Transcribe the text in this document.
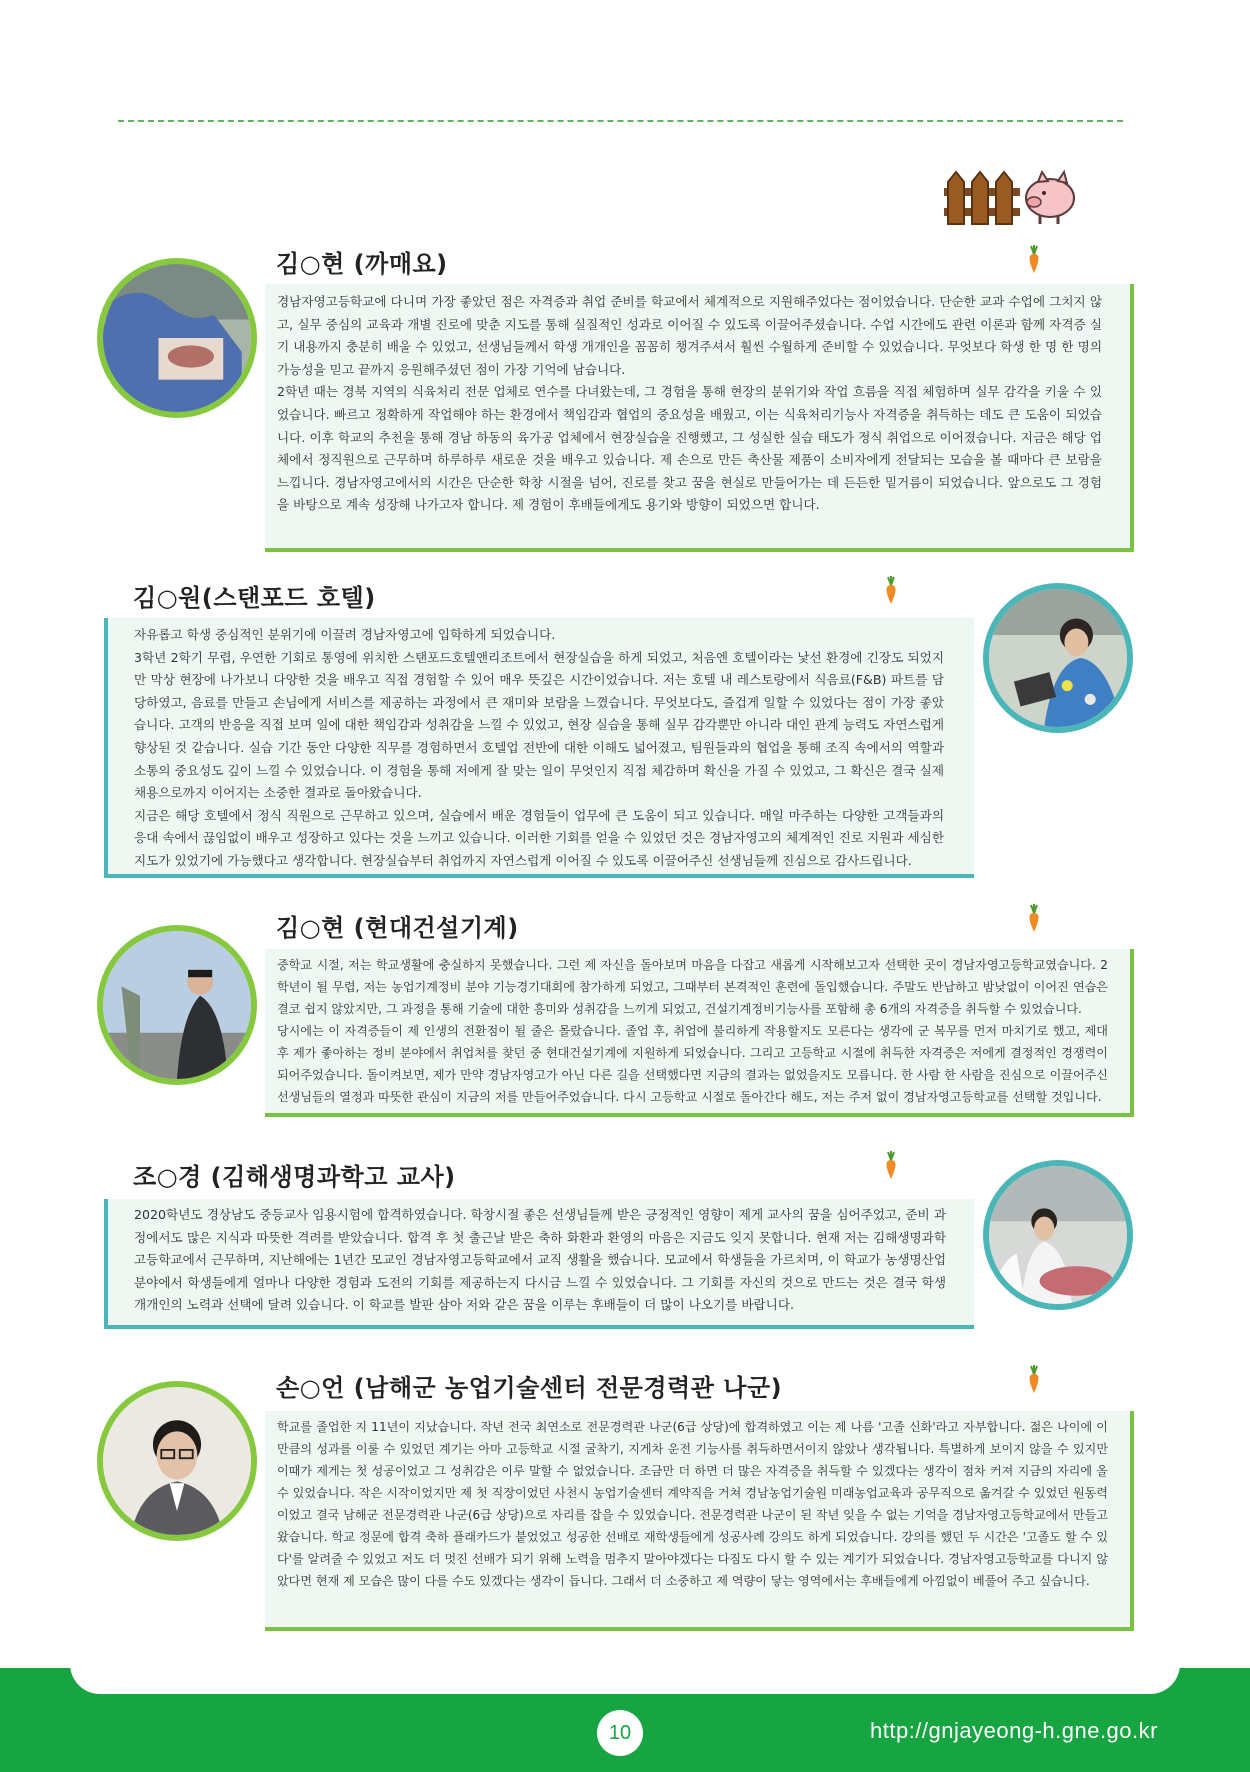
김○현 (까매요)

경남자영고등학교에 다니며 가장 좋았던 점은 자격증과 취업 준비를 학교에서 체계적으로 지원해주었다는 점이었습니다. 단순한 교과 수업에 그치지 않고, 실무 중심의 교육과 개별 진로에 맞춘 지도를 통해 실질적인 성과로 이어질 수 있도록 이끌어주셨습니다. 수업 시간에도 관련 이론과 함께 자격증 실기 내용까지 충분히 배울 수 있었고, 선생님들께서 학생 개개인을 꼼꼼히 챙겨주셔서 훨씬 수월하게 준비할 수 있었습니다. 무엇보다 학생 한 명 한 명의 가능성을 믿고 끝까지 응원해주셨던 점이 가장 기억에 남습니다.

2학년 때는 경북 지역의 식육처리 전문 업체로 연수를 다녀왔는데, 그 경험을 통해 현장의 분위기와 작업 흐름을 직접 체험하며 실무 감각을 키울 수 있었습니다. 빠르고 정확하게 작업해야 하는 환경에서 책임감과 협업의 중요성을 배웠고, 이는 식육처리기능사 자격증을 취득하는 데도 큰 도움이 되었습니다. 이후 학교의 추천을 통해 경남 하동의 육가공 업체에서 현장실습을 진행했고, 그 성실한 실습 태도가 정식 취업으로 이어졌습니다. 지금은 해당 업체에서 정직원으로 근무하며 하루하루 새로운 것을 배우고 있습니다. 제 손으로 만든 축산물 제품이 소비자에게 전달되는 모습을 볼 때마다 큰 보람을 느낍니다. 경남자영고에서의 시간은 단순한 학창 시절을 넘어, 진로를 찾고 꿈을 현실로 만들어가는 데 든든한 밑거름이 되었습니다. 앞으로도 그 경험을 바탕으로 계속 성장해 나가고자 합니다. 제 경험이 후배들에게도 용기와 방향이 되었으면 합니다.

김○원(스탠포드 호텔)

자유롭고 학생 중심적인 분위기에 이끌려 경남자영고에 입학하게 되었습니다.

3학년 2학기 무렵, 우연한 기회로 통영에 위치한 스탠포드호텔앤리조트에서 현장실습을 하게 되었고, 처음엔 호텔이라는 낯선 환경에 긴장도 되었지만 막상 현장에 나가보니 다양한 것을 배우고 직접 경험할 수 있어 매우 뜻깊은 시간이었습니다. 저는 호텔 내 레스토랑에서 식음료(F&B) 파트를 담당하였고, 음료를 만들고 손님에게 서비스를 제공하는 과정에서 큰 재미와 보람을 느꼈습니다. 무엇보다도, 즐겁게 일할 수 있었다는 점이 가장 좋았습니다. 고객의 반응을 직접 보며 일에 대한 책임감과 성취감을 느낄 수 있었고, 현장 실습을 통해 실무 감각뿐만 아니라 대인 관계 능력도 자연스럽게 향상된 것 같습니다. 실습 기간 동안 다양한 직무를 경험하면서 호텔업 전반에 대한 이해도 넓어졌고, 팀원들과의 협업을 통해 조직 속에서의 역할과 소통의 중요성도 깊이 느낄 수 있었습니다. 이 경험을 통해 저에게 잘 맞는 일이 무엇인지 직접 체감하며 확신을 가질 수 있었고, 그 확신은 결국 실제 채용으로까지 이어지는 소중한 결과로 돌아왔습니다.

지금은 해당 호텔에서 정식 직원으로 근무하고 있으며, 실습에서 배운 경험들이 업무에 큰 도움이 되고 있습니다. 매일 마주하는 다양한 고객들과의 응대 속에서 끊임없이 배우고 성장하고 있다는 것을 느끼고 있습니다. 이러한 기회를 얻을 수 있었던 것은 경남자영고의 체계적인 진로 지원과 세심한 지도가 있었기에 가능했다고 생각합니다. 현장실습부터 취업까지 자연스럽게 이어질 수 있도록 이끌어주신 선생님들께 진심으로 감사드립니다.

김○현 (현대건설기계)

중학교 시절, 저는 학교생활에 충실하지 못했습니다. 그런 제 자신을 돌아보며 마음을 다잡고 새롭게 시작해보고자 선택한 곳이 경남자영고등학교였습니다. 2학년이 될 무렵, 저는 농업기계정비 분야 기능경기대회에 참가하게 되었고, 그때부터 본격적인 훈련에 돌입했습니다. 주말도 반납하고 밤낮없이 이어진 연습은 결코 쉽지 않았지만, 그 과정을 통해 기술에 대한 흥미와 성취감을 느끼게 되었고, 건설기계정비기능사를 포함해 총 6개의 자격증을 취득할 수 있었습니다.

당시에는 이 자격증들이 제 인생의 전환점이 될 줄은 몰랐습니다. 졸업 후, 취업에 불리하게 작용할지도 모른다는 생각에 군 복무를 먼저 마치기로 했고, 제대 후 제가 좋아하는 정비 분야에서 취업처를 찾던 중 현대건설기계에 지원하게 되었습니다. 그리고 고등학교 시절에 취득한 자격증은 저에게 결정적인 경쟁력이 되어주었습니다. 돌이켜보면, 제가 만약 경남자영고가 아닌 다른 길을 선택했다면 지금의 결과는 없었을지도 모릅니다. 한 사람 한 사람을 진심으로 이끌어주신 선생님들의 열정과 따뜻한 관심이 지금의 저를 만들어주었습니다. 다시 고등학교 시절로 돌아간다 해도, 저는 주저 없이 경남자영고등학교를 선택할 것입니다.

조○경 (김해생명과학고 교사)

2020학년도 경상남도 중등교사 임용시험에 합격하였습니다. 학창시절 좋은 선생님들께 받은 긍정적인 영향이 제게 교사의 꿈을 심어주었고, 준비 과정에서도 많은 지식과 따뜻한 격려를 받았습니다. 합격 후 첫 출근날 받은 축하 화환과 환영의 마음은 지금도 잊지 못합니다. 현재 저는 김해생명과학고등학교에서 근무하며, 지난해에는 1년간 모교인 경남자영고등학교에서 교직 생활을 했습니다. 모교에서 학생들을 가르치며, 이 학교가 농생명산업 분야에서 학생들에게 얼마나 다양한 경험과 도전의 기회를 제공하는지 다시금 느낄 수 있었습니다. 그 기회를 자신의 것으로 만드는 것은 결국 학생 개개인의 노력과 선택에 달려 있습니다. 이 학교를 발판 삼아 저와 같은 꿈을 이루는 후배들이 더 많이 나오기를 바랍니다.

손○언 (남해군 농업기술센터 전문경력관 나군)

학교를 졸업한 지 11년이 지났습니다. 작년 전국 최연소로 전문경력관 나군(6급 상당)에 합격하였고 이는 제 나름 '고졸 신화'라고 자부합니다. 젊은 나이에 이만큼의 성과를 이룰 수 있었던 계기는 아마 고등학교 시절 굴착기, 지게차 운전 기능사를 취득하면서이지 않았나 생각됩니다. 특별하게 보이지 않을 수 있지만 이때가 제게는 첫 성공이었고 그 성취감은 이루 말할 수 없었습니다. 조금만 더 하면 더 많은 자격증을 취득할 수 있겠다는 생각이 점차 커져 지금의 자리에 올 수 있었습니다. 작은 시작이었지만 제 첫 직장이었던 사천시 농업기술센터 계약직을 거쳐 경남농업기술원 미래농업교육과 공무직으로 옮겨갈 수 있었던 원동력이었고 결국 남해군 전문경력관 나군(6급 상당)으로 자리를 잡을 수 있었습니다. 전문경력관 나군이 된 작년 잊을 수 없는 기억을 경남자영고등학교에서 만들고 왔습니다. 학교 정문에 합격 축하 플래카드가 붙었었고 성공한 선배로 재학생들에게 성공사례 강의도 하게 되었습니다. 강의를 했던 두 시간은 '고졸도 할 수 있다'를 알려줄 수 있었고 저도 더 멋진 선배가 되기 위해 노력을 멈추지 말아야겠다는 다짐도 다시 할 수 있는 계기가 되었습니다. 경남자영고등학교를 다니지 않았다면 현재 제 모습은 많이 다를 수도 있겠다는 생각이 듭니다. 그래서 더 소중하고 제 역량이 닿는 영역에서는 후배들에게 아낌없이 베풀어 주고 싶습니다.

10	http://gnjayeong-h.gne.go.kr
